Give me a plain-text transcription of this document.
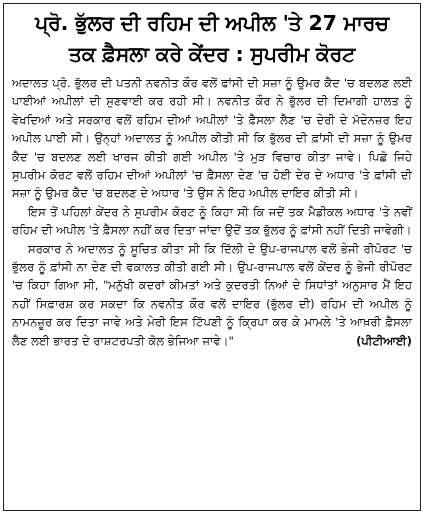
ਪ੍ਰੋ. ਭੁੱਲਰ ਦੀ ਰਹਿਮ ਦੀ ਅਪੀਲ 'ਤੇ 27 ਮਾਰਚ
ਤਕ ਫ਼ੈਸਲਾ ਕਰੇ ਕੇਂਦਰ : ਸੁਪਰੀਮ ਕੋਰਟ

ਅਦਾਲਤ ਪ੍ਰੋ. ਭੁੱਲਰ ਦੀ ਪਤਨੀ ਨਵਨੀਤ ਕੌਰ ਵਲੋਂ ਫਾਂਸੀ ਦੀ ਸਜ਼ਾ ਨੂੰ ਉਮਰ ਕੈਦ 'ਚ ਬਦਲਣ ਲਈ ਪਾਈਆਂ ਅਪੀਲਾਂ ਦੀ ਸੁਣਵਾਈ ਕਰ ਰਹੀ ਸੀ। ਨਵਨੀਤ ਕੌਰ ਨੇ ਭੁੱਲਰ ਦੀ ਦਿਮਾਗੀ ਹਾਲਤ ਨੂੰ ਵੇਖਦਿਆਂ ਅਤੇ ਸਰਕਾਰ ਵਲੋਂ ਰਹਿਮ ਦੀਆਂ ਅਪੀਲਾਂ 'ਤੇ ਫ਼ੈਸਲਾ ਲੈਣ 'ਚ ਦੇਰੀ ਦੇ ਮੱਦੇਨਜ਼ਰ ਇਹ ਅਪੀਲ ਪਾਈ ਸੀ। ਉਨ੍ਹਾਂ ਅਦਾਲਤ ਨੂੰ ਅਪੀਲ ਕੀਤੀ ਸੀ ਕਿ ਭੁੱਲਰ ਦੀ ਫ਼ਾਂਸੀ ਦੀ ਸਜ਼ਾ ਨੂੰ ਉਮਰ ਕੈਦ 'ਚ ਬਦਲਣ ਲਈ ਖਾਰਜ ਕੀਤੀ ਗਈ ਅਪੀਲ 'ਤੇ ਮੁੜ ਵਿਚਾਰ ਕੀਤਾ ਜਾਵੇ। ਪਿਛੋ ਜਿਹੇ ਸੁਪਰੀਮ ਕੋਰਟ ਵਲੋਂ ਰਹਿਮ ਦੀਆਂ ਅਪੀਲਾਂ 'ਚ ਫ਼ੈਸਲਾ ਦੇਣ 'ਚ ਹੋਈ ਦੇਰ ਦੇ ਅਧਾਰ 'ਤੇ ਫ਼ਾਂਸੀ ਦੀ ਸਜ਼ਾ ਨੂੰ ਉਮਰ ਕੈਦ 'ਚ ਬਦਲਣ ਦੇ ਅਧਾਰ 'ਤੇ ਉਸ ਨੇ ਇਹ ਅਪੀਲ ਦਾਇਰ ਕੀਤੀ ਸੀ।

ਇਸ ਤੋਂ ਪਹਿਲਾਂ ਕੇਂਦਰ ਨੇ ਸੁਪਰੀਮ ਕੋਰਟ ਨੂੰ ਕਿਹਾ ਸੀ ਕਿ ਜਦੋਂ ਤਕ ਮੈਡੀਕਲ ਅਧਾਰ 'ਤੇ ਨਵੀਂ ਰਹਿਮ ਦੀ ਅਪੀਲ 'ਤੇ ਫ਼ੈਸਲਾ ਨਹੀਂ ਕਰ ਦਿਤਾ ਜਾਂਦਾ ਉਦੋਂ ਤਕ ਭੁੱਲਰ ਨੂੰ ਫ਼ਾਂਸੀ ਨਹੀਂ ਦਿਤੀ ਜਾਵੇਗੀ।

ਸਰਕਾਰ ਨੇ ਅਦਾਲਤ ਨੂੰ ਸੂਚਿਤ ਕੀਤਾ ਸੀ ਕਿ ਦਿੱਲੀ ਦੇ ਉਪ-ਰਾਜਪਾਲ ਵਲੋਂ ਭੇਜੀ ਰੀਪੋਰਟ 'ਚ ਭੁੱਲਰ ਨੂੰ ਫ਼ਾਂਸੀ ਨਾ ਦੇਣ ਦੀ ਵਕਾਲਤ ਕੀਤੀ ਗਈ ਸੀ। ਉਪ-ਰਾਜਪਾਲ ਵਲੋਂ ਕੇਂਦਰ ਨੂੰ ਭੇਜੀ ਰੀਪੋਰਟ 'ਚ ਕਿਹਾ ਗਿਆ ਸੀ, "ਮਨੁੱਖੀ ਕਦਰਾਂ ਕੀਮਤਾਂ ਅਤੇ ਕੁਦਰਤੀ ਨਿਆਂ ਦੇ ਸਿਧਾਂਤਾਂ ਅਨੁਸਾਰ ਮੈਂ ਇਹ ਨਹੀਂ ਸਿਫ਼ਾਰਸ਼ ਕਰ ਸਕਦਾ ਕਿ ਨਵਨੀਤ ਕੌਰ ਵਲੋਂ ਦਾਇਰ (ਭੁੱਲਰ ਦੀ) ਰਹਿਮ ਦੀ ਅਪੀਲ ਨੂੰ ਨਾਮਨਜ਼ੂਰ ਕਰ ਦਿਤਾ ਜਾਵੇ ਅਤੇ ਮੇਰੀ ਇਸ ਟਿੱਪਣੀ ਨੂੰ ਕ੍ਰਿਪਾ ਕਰ ਕੇ ਮਾਮਲੇ 'ਤੇ ਆਖ਼ਰੀ ਫ਼ੈਸਲਾ ਲੈਣ ਲਈ ਭਾਰਤ ਦੇ ਰਾਸ਼ਟਰਪਤੀ ਕੋਲ ਭੇਜਿਆ ਜਾਵੇ।"	(ਪੀਟੀਆਈ)
